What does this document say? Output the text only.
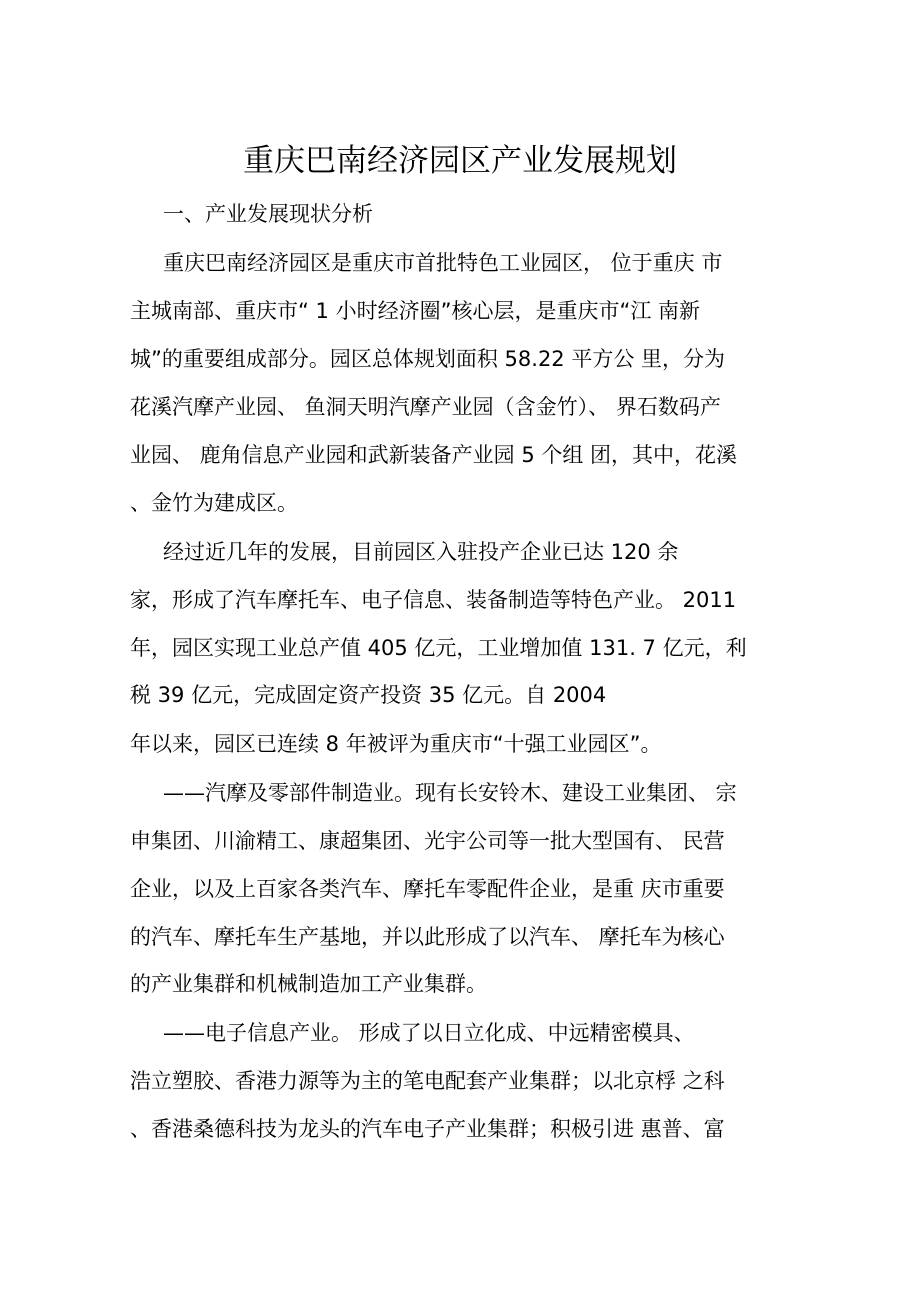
重庆巴南经济园区产业发展规划
一、产业发展现状分析
重庆巴南经济园区是重庆市首批特色工业园区， 位于重庆 市
主城南部、重庆市“ 1 小时经济圈”核心层，是重庆市“江 南新
城”的重要组成部分。园区总体规划面积 58.22 平方公 里，分为
花溪汽摩产业园、 鱼洞天明汽摩产业园（含金竹）、 界石数码产
业园、 鹿角信息产业园和武新装备产业园 5 个组 团，其中，花溪
、金竹为建成区。
经过近几年的发展，目前园区入驻投产企业已达 120 余
家，形成了汽车摩托车、电子信息、装备制造等特色产业。 2011
年，园区实现工业总产值 405 亿元，工业增加值 131. 7 亿元，利
税 39 亿元，完成固定资产投资 35 亿元。自 2004
年以来，园区已连续 8 年被评为重庆市“十强工业园区”。
——汽摩及零部件制造业。现有长安铃木、建设工业集团、 宗
申集团、川渝精工、康超集团、光宇公司等一批大型国有、 民营
企业，以及上百家各类汽车、摩托车零配件企业，是重 庆市重要
的汽车、摩托车生产基地，并以此形成了以汽车、 摩托车为核心
的产业集群和机械制造加工产业集群。
——电子信息产业。 形成了以日立化成、中远精密模具、
浩立塑胶、香港力源等为主的笔电配套产业集群；以北京桴 之科
、香港桑德科技为龙头的汽车电子产业集群；积极引进 惠普、富
